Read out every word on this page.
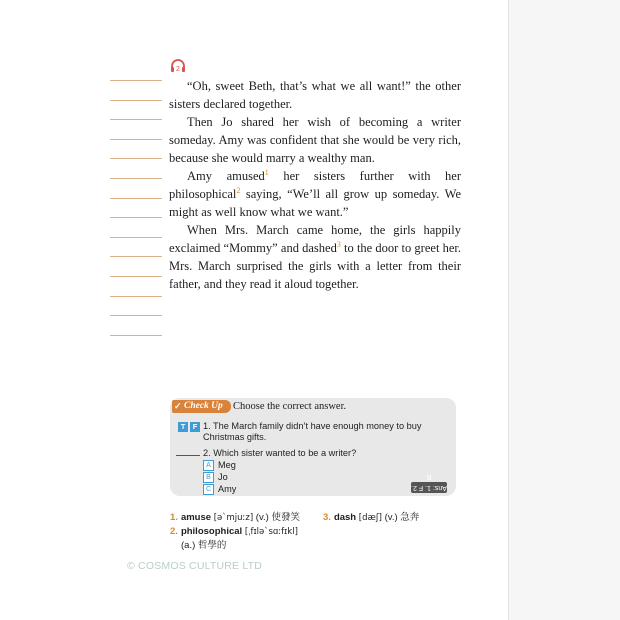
2

“Oh, sweet Beth, that’s what we all want!” the other sisters declared together.

Then Jo shared her wish of becoming a writer someday. Amy was confident that she would be very rich, because she would marry a wealthy man.

Amy amused$^1$ her sisters further with her philosophical$^2$ saying, “We’ll all grow up someday. We might as well know what we want.”

When Mrs. March came home, the girls happily exclaimed “Mommy” and dashed$^3$ to the door to greet her. Mrs. March surprised the girls with a letter from their father, and they read it aloud together.

✓ Check Up Choose the correct answer.
T F 1. The March family didn’t have enough money to buy Christmas gifts.
2. Which sister wanted to be a writer?
A Meg
B Jo
C Amy	Ans: 1. F 2. B
1. amuse [ə`mjuːz] (v.) 使發笑
2. philosophical [ˌfɪlə`sɑːfɪkl]
(a.) 哲學的
3. dash [dæʃ] (v.) 急奔
© COSMOS CULTURE LTD
